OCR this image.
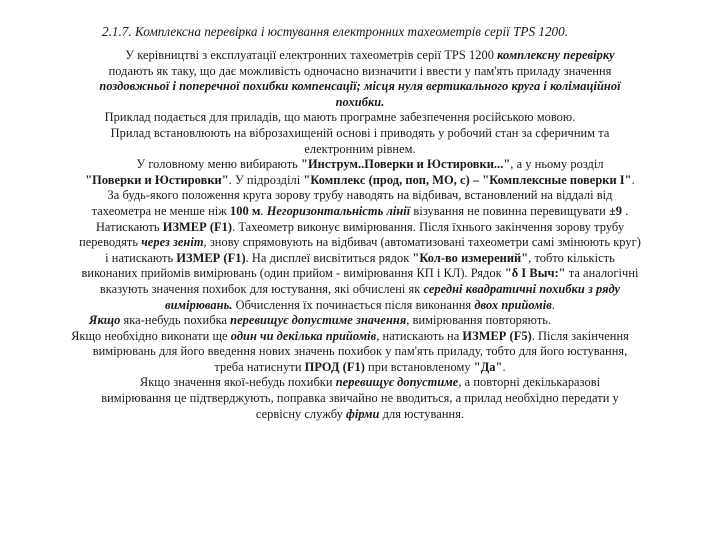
2.1.7. Комплексна перевірка і юстування електронних тахеометрів серії TPS 1200.
У керівництві з експлуатації електронних тахеометрів серії TPS 1200 комплексну перевірку
подають як таку, що дає можливість одночасно визначити і ввести у пам'ять приладу значення
поздовжньої і поперечної похибки компенсації; місця нуля вертикального круга і колімаційної
похибки.
Приклад подається для приладів, що мають програмне забезпечення російською мовою.
Прилад встановлюють на віброзахищеній основі і приводять у робочий стан за сферичним та
електронним рівнем.
У головному меню вибирають "Инструм..Поверки и Юстировки...", а у ньому розділ
"Поверки и Юстировки". У підрозділі "Комплекс (прод, поп, МО, с) – "Комплексные поверки I".
За будь-якого положення круга зорову трубу наводять на відбивач, встановлений на віддалі від
тахеометра не менше ніж 100 м. Негоризонтальність лінії візування не повинна перевищувати ±9 .
Натискають ИЗМЕР (F1). Тахеометр виконує вимірювання. Після їхнього закінчення зорову трубу
переводять через зеніт, знову спрямовують на відбивач (автоматизовані тахеометри самі змінюють круг)
і натискають ИЗМЕР (F1). На дисплеї висвітиться рядок "Кол-во измерений", тобто кількість
виконаних прийомів вимірювань (один прийом - вимірювання КП і КЛ). Рядок "δ I Выч:" та аналогічні
вказують значення похибок для юстування, які обчислені як середні квадратичні похибки з ряду
вимірювань. Обчислення їх починається після виконання двох прийомів.
Якщо яка-небудь похибка перевищує допустиме значення, вимірювання повторяють.
Якщо необхідно виконати ще один чи декілька прийомів, натискають на ИЗМЕР (F5). Після закінчення
вимірювань для його введення нових значень похибок у пам'ять приладу, тобто для його юстування,
треба натиснути ПРОД (F1) при встановленому "Да".
Якщо значення якої-небудь похибки перевищує допустиме, а повторні декількаразові
вимірювання це підтверджують, поправка звичайно не вводиться, а прилад необхідно передати у
сервісну службу фірми для юстування.
